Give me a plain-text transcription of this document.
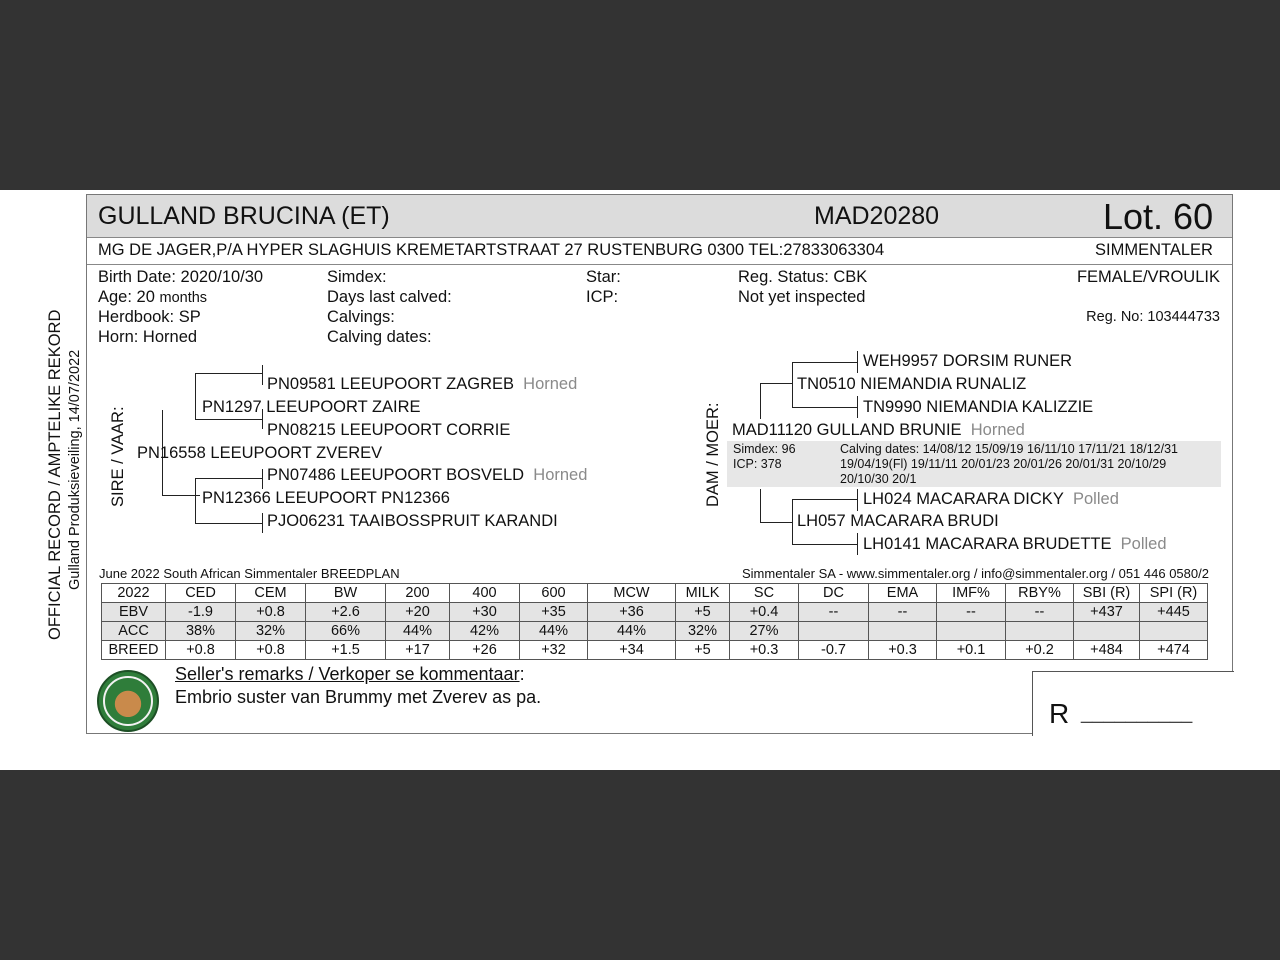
OFFICIAL RECORD / AMPTELIKE REKORD Gulland Produksieveiling, 14/07/2022
GULLAND BRUCINA (ET)	MAD20280	Lot. 60
MG DE JAGER,P/A HYPER SLAGHUIS KREMETARTSTRAAT 27 RUSTENBURG 0300 TEL:27833063304	SIMMENTALER
Birth Date: 2020/10/30
Age: 20 months
Herdbook: SP
Horn: Horned
Simdex:
Days last calved:
Calvings:
Calving dates:
Star:
ICP:
Reg. Status: CBK
Not yet inspected
FEMALE/VROULIK
Reg. No: 103444733
SIRE / VAAR:
PN09581 LEEUPOORT ZAGREB Horned
PN1297 LEEUPOORT ZAIRE
PN08215 LEEUPOORT CORRIE
PN16558 LEEUPOORT ZVEREV
PN07486 LEEUPOORT BOSVELD Horned
PN12366 LEEUPOORT PN12366
PJO06231 TAAIBOSSPRUIT KARANDI
DAM / MOER:
WEH9957 DORSIM RUNER
TN0510 NIEMANDIA RUNALIZ
TN9990 NIEMANDIA KALIZZIE
MAD11120 GULLAND BRUNIE Horned
Simdex: 96
ICP: 378
Calving dates: 14/08/12 15/09/19 16/11/10 17/11/21 18/12/31
19/04/19(Fl) 19/11/11 20/01/23 20/01/26 20/01/31 20/10/29
20/10/30 20/1
LH024 MACARARA DICKY Polled
LH057 MACARARA BRUDI
LH0141 MACARARA BRUDETTE Polled
June 2022 South African Simmentaler BREEDPLAN	Simmentaler SA - www.simmentaler.org / info@simmentaler.org / 051 446 0580/2
2022	CED	CEM	BW	200	400	600	MCW	MILK	SC	DC	EMA	IMF%	RBY%	SBI (R)	SPI (R)
EBV	-1.9	+0.8	+2.6	+20	+30	+35	+36	+5	+0.4	--	--	--	--	+437	+445
ACC	38%	32%	66%	44%	42%	44%	44%	32%	27%						
BREED	+0.8	+0.8	+1.5	+17	+26	+32	+34	+5	+0.3	-0.7	+0.3	+0.1	+0.2	+484	+474
Seller's remarks / Verkoper se kommentaar:
Embrio suster van Brummy met Zverev as pa.
R __________
